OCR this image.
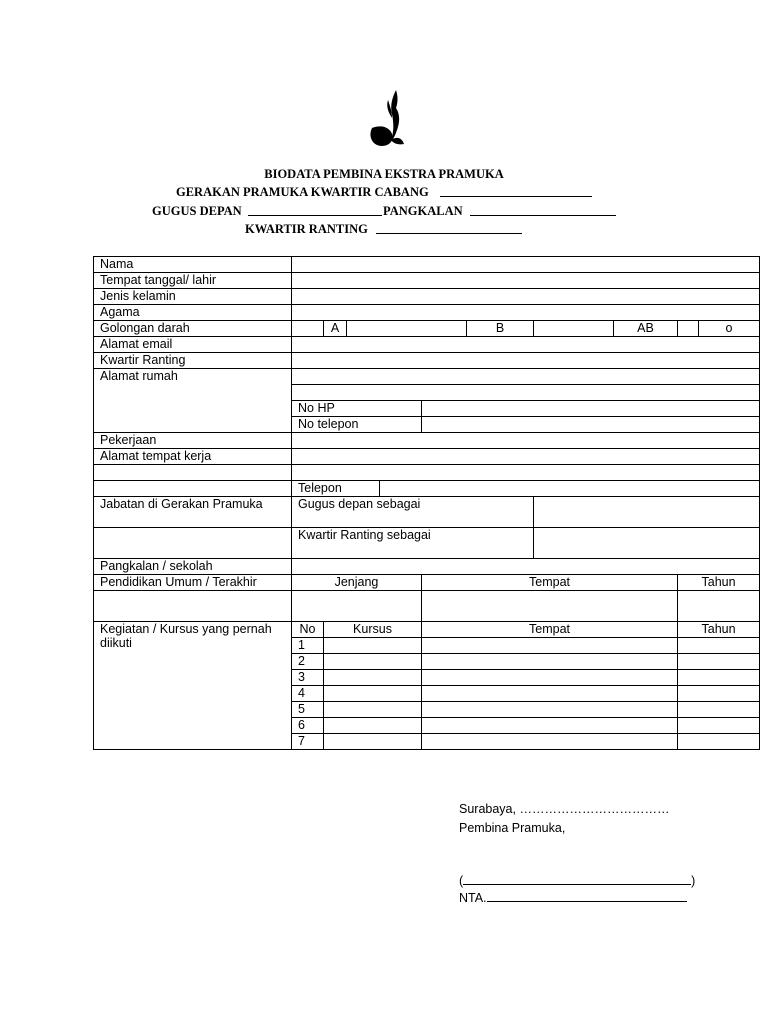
BIODATA PEMBINA EKSTRA PRAMUKA
GERAKAN PRAMUKA KWARTIR CABANG
GUGUS DEPAN	PANGKALAN
KWARTIR RANTING
Nama											
Tempat tanggal/ lahir											
Jenis kelamin											
Agama											
Golongan darah		A				B		AB		o	
Alamat email											
Kwartir Ranting											
Alamat rumah											

	No HP										
	No telepon										
Pekerjaan											
Alamat tempat kerja											

	Telepon										
Jabatan di Gerakan Pramuka	Gugus depan sebagai										
	Kwartir Ranting sebagai										
Pangkalan / sekolah											
Pendidikan Umum / Terakhir	Jenjang				Tempat				Tahun		

Kegiatan / Kursus yang pernah diikuti	No	Kursus			Tempat				Tahun		
	1										
	2										
	3										
	4										
	5										
	6										
	7										
Surabaya, ………………………………
Pembina Pramuka,
(	)
NTA.
